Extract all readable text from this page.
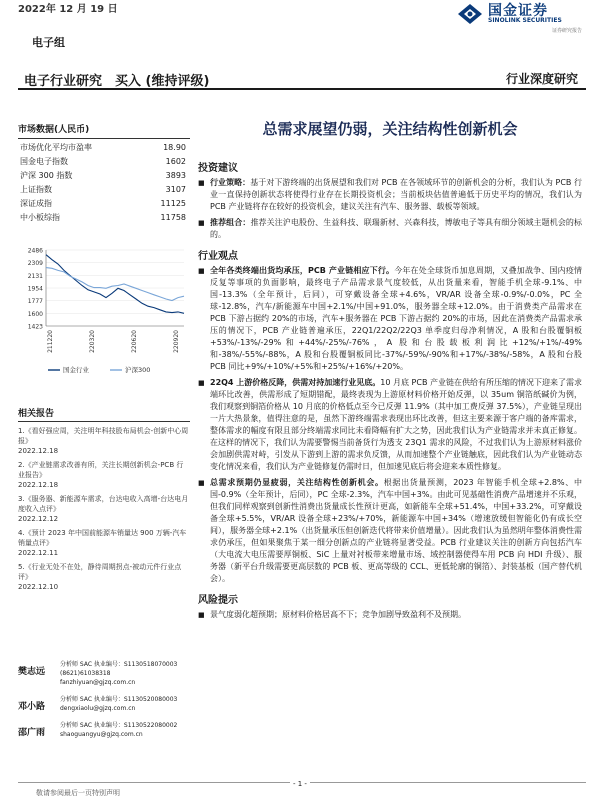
2022年 12 月 19 日	国金证券
SINOLINK SECURITIES
证券研究报告
电子组
电子行业研究　买入 (维持评级)	行业深度研究
市场数据(人民币)
市场优化平均市盈率	18.90
国金电子指数	1602
沪深 300 指数	3893
上证指数	3107
深证成指	11125
中小板综指	11758
2486
2309
2131
1954
1777
1600
1423
211220	220320	220620	220920
国金行业	沪深300
相关报告
1.《看好强应周，关注明年科技股布局机会-创新中心周报》
2022.12.18
2.《产业链需求改善有所，关注长期创新机会-PCB 行业报告》
2022.12.18
3.《服务器、新能源车需求，台达电收入高增-台达电月度收入点评》
2022.12.12
4.《预计 2023 年中国前能源车销量达 900 万辆-汽车销量点评》
2022.12.11
5.《行业无处不在处，静待周期拐点-被动元件行业点评》
2022.12.10
樊志远
分析师 SAC 执业编号：S1130518070003
(8621)61038318
fanzhiyuan@gjzq.com.cn
邓小路
分析师 SAC 执业编号：S1130520080003
dengxiaolu@gjzq.com.cn
邵广雨
分析师 SAC 执业编号：S1130522080002
shaoguangyu@gjzq.com.cn
总需求展望仍弱，关注结构性创新机会
投资建议
■ 行业策略：基于对下游终端的出货展望和我们对 PCB 在各领域环节的创新机会的分析，我们认为 PCB 行业一直保持创新状态将使得行业存在长期投资机会；当前板块估值普遍低于历史平均的情况，我们认为 PCB 产业链将存在较好的投资机会，建议关注有汽车、服务器、载板等领域。
■ 推荐组合：推荐关注沪电股份、生益科技、联瑞新材、兴森科技，博敏电子等具有细分领域主题机会的标的。
行业观点
■ 全年各类终端出货均承压，PCB 产业链相应下行。今年在处全球货币加息周期，又叠加战争、国内疫情反复等事项的负面影响，最终电子产品需求景气度较低，从出货量来看，智能手机全球-9.1%、中国-13.3%（全年预计，后同），可穿戴设备全球+4.6%，VR/AR 设备全球-0.9%/-0.0%，PC 全球-12.8%，汽车/新能源车中国+2.1%/中国+91.0%，服务器全球+12.0%。由于消费类产品需求在 PCB 下游占据约 20%的市场，汽车+服务器在 PCB 下游占据约 20%的市场，因此在消费类产品需求承压的情况下，PCB 产业链普遍承压，22Q1/22Q2/22Q3 单季度归母净利情况，A 股和台股覆铜板+53%/-13%/-29%和+44%/-25%/-76%，A 股和台股载板利润比+12%/+1%/-49%和-38%/-55%/-88%，A 股和台股覆铜板同比-37%/-59%/-90%和+17%/-38%/-58%，A 股和台股 PCB 同比+9%/+10%/+5%和+25%/+16%/+20%。
■ 22Q4 上游价格反降，供需对持加速行业见底。10 月底 PCB 产业链在供给有所压缩的情况下迎来了需求端环比改善，供需形成了短期错配，最终表现为上游原材料价格开始反弹，以 35um 铜箔纸碱价为例，我们观察到铜箔价格从 10 月底的价格低点至今已反弹 11.9%（其中加工费反弹 37.5%），产业链呈现出一片大热景象，值得注意的是，虽然下游终端需求表现出环比改善，但这主要来源于客户端的备库需求，整体需求的幅度有限且部分终端需求同比未看降幅有扩大之势，因此我们认为产业链需求并未真正修复。在这样的情况下，我们认为需要警惕当前备货行为透支 23Q1 需求的风险，不过我们认为上游原材料涨价会加剧供需对峙，引发从下游到上游的需求负反馈，从而加速整个产业链触底，因此我们认为产业链动态变化情况来看，我们认为产业链修复仍需时日，但加速见底后将会迎来本质性修复。
■ 总需求预期仍显疲弱，关注结构性创新机会。根据出货量预测，2023 年智能手机全球+2.8%、中国-0.9%（全年预计，后同），PC 全球-2.3%，汽车中国+3%。由此可见基础性消费产品增速并不乐观，但我们同样观察到创新性消费出货量成长性预计更高，如新能车全球+51.4%，中国+33.2%，可穿戴设备全球+5.5%，VR/AR 设备全球+23%/+70%，新能源车中国+34%（增速放缓但智能化仍有成长空间），服务器全球+2.1%（出货量承压但创新迭代将带来价值增量）。因此我们认为虽然明年整体消费性需求仍承压，但如果聚焦于某一细分创新点的产业链将显著受益。PCB 行业建议关注的创新方向包括汽车（大电流大电压需要厚铜板、SiC 上量对衬板带来增量市场、域控制器使得车用 PCB 向 HDI 升级）、服务器（新平台升级需要更高层数的 PCB 板、更高等级的 CCL、更低轮廓的铜箔）、封装基板（国产替代机会）。
风险提示
■ 景气度弱化超预期；原材料价格居高不下；竞争加剧导致盈利不及预期。
- 1 -
敬请参阅最后一页特别声明
